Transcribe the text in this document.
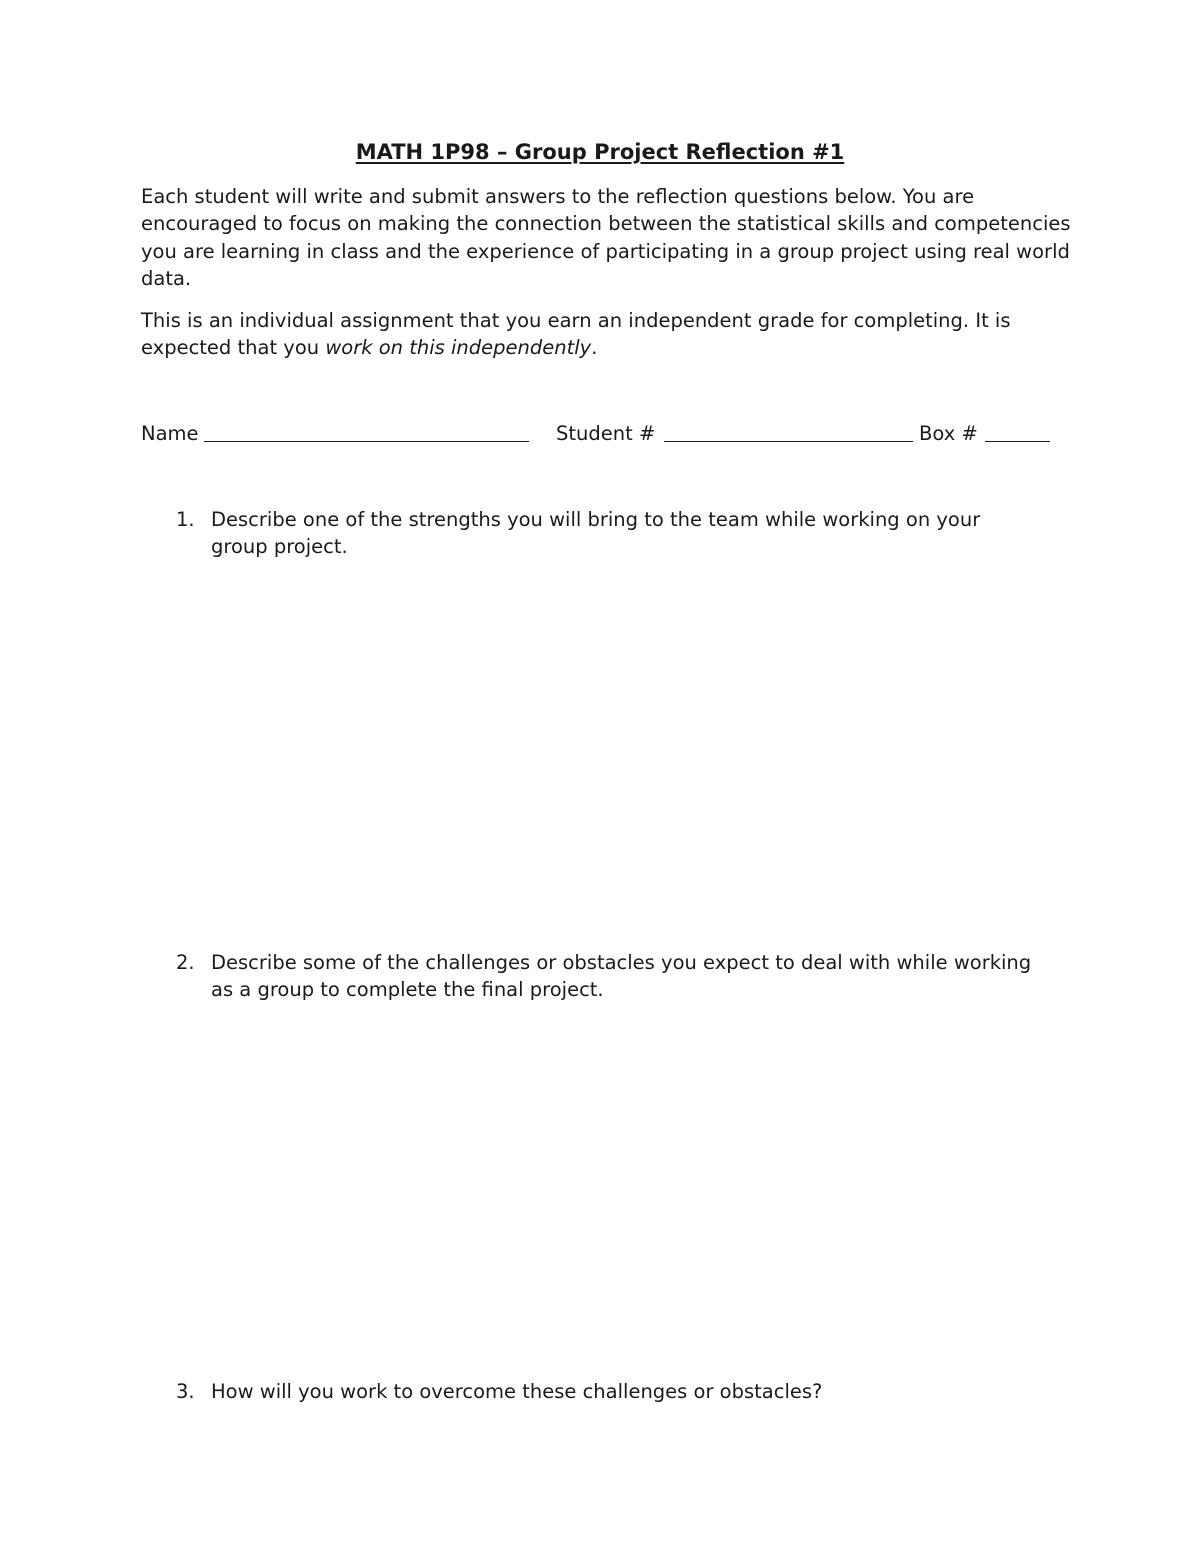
MATH 1P98 – Group Project Reflection #1

Each student will write and submit answers to the reflection questions below. You are encouraged to focus on making the connection between the statistical skills and competencies you are learning in class and the experience of participating in a group project using real world data.

This is an individual assignment that you earn an independent grade for completing. It is expected that you work on this independently.

Name	Student #	Box #
1. Describe one of the strengths you will bring to the team while working on your group project.
2. Describe some of the challenges or obstacles you expect to deal with while working as a group to complete the final project.
3. How will you work to overcome these challenges or obstacles?
